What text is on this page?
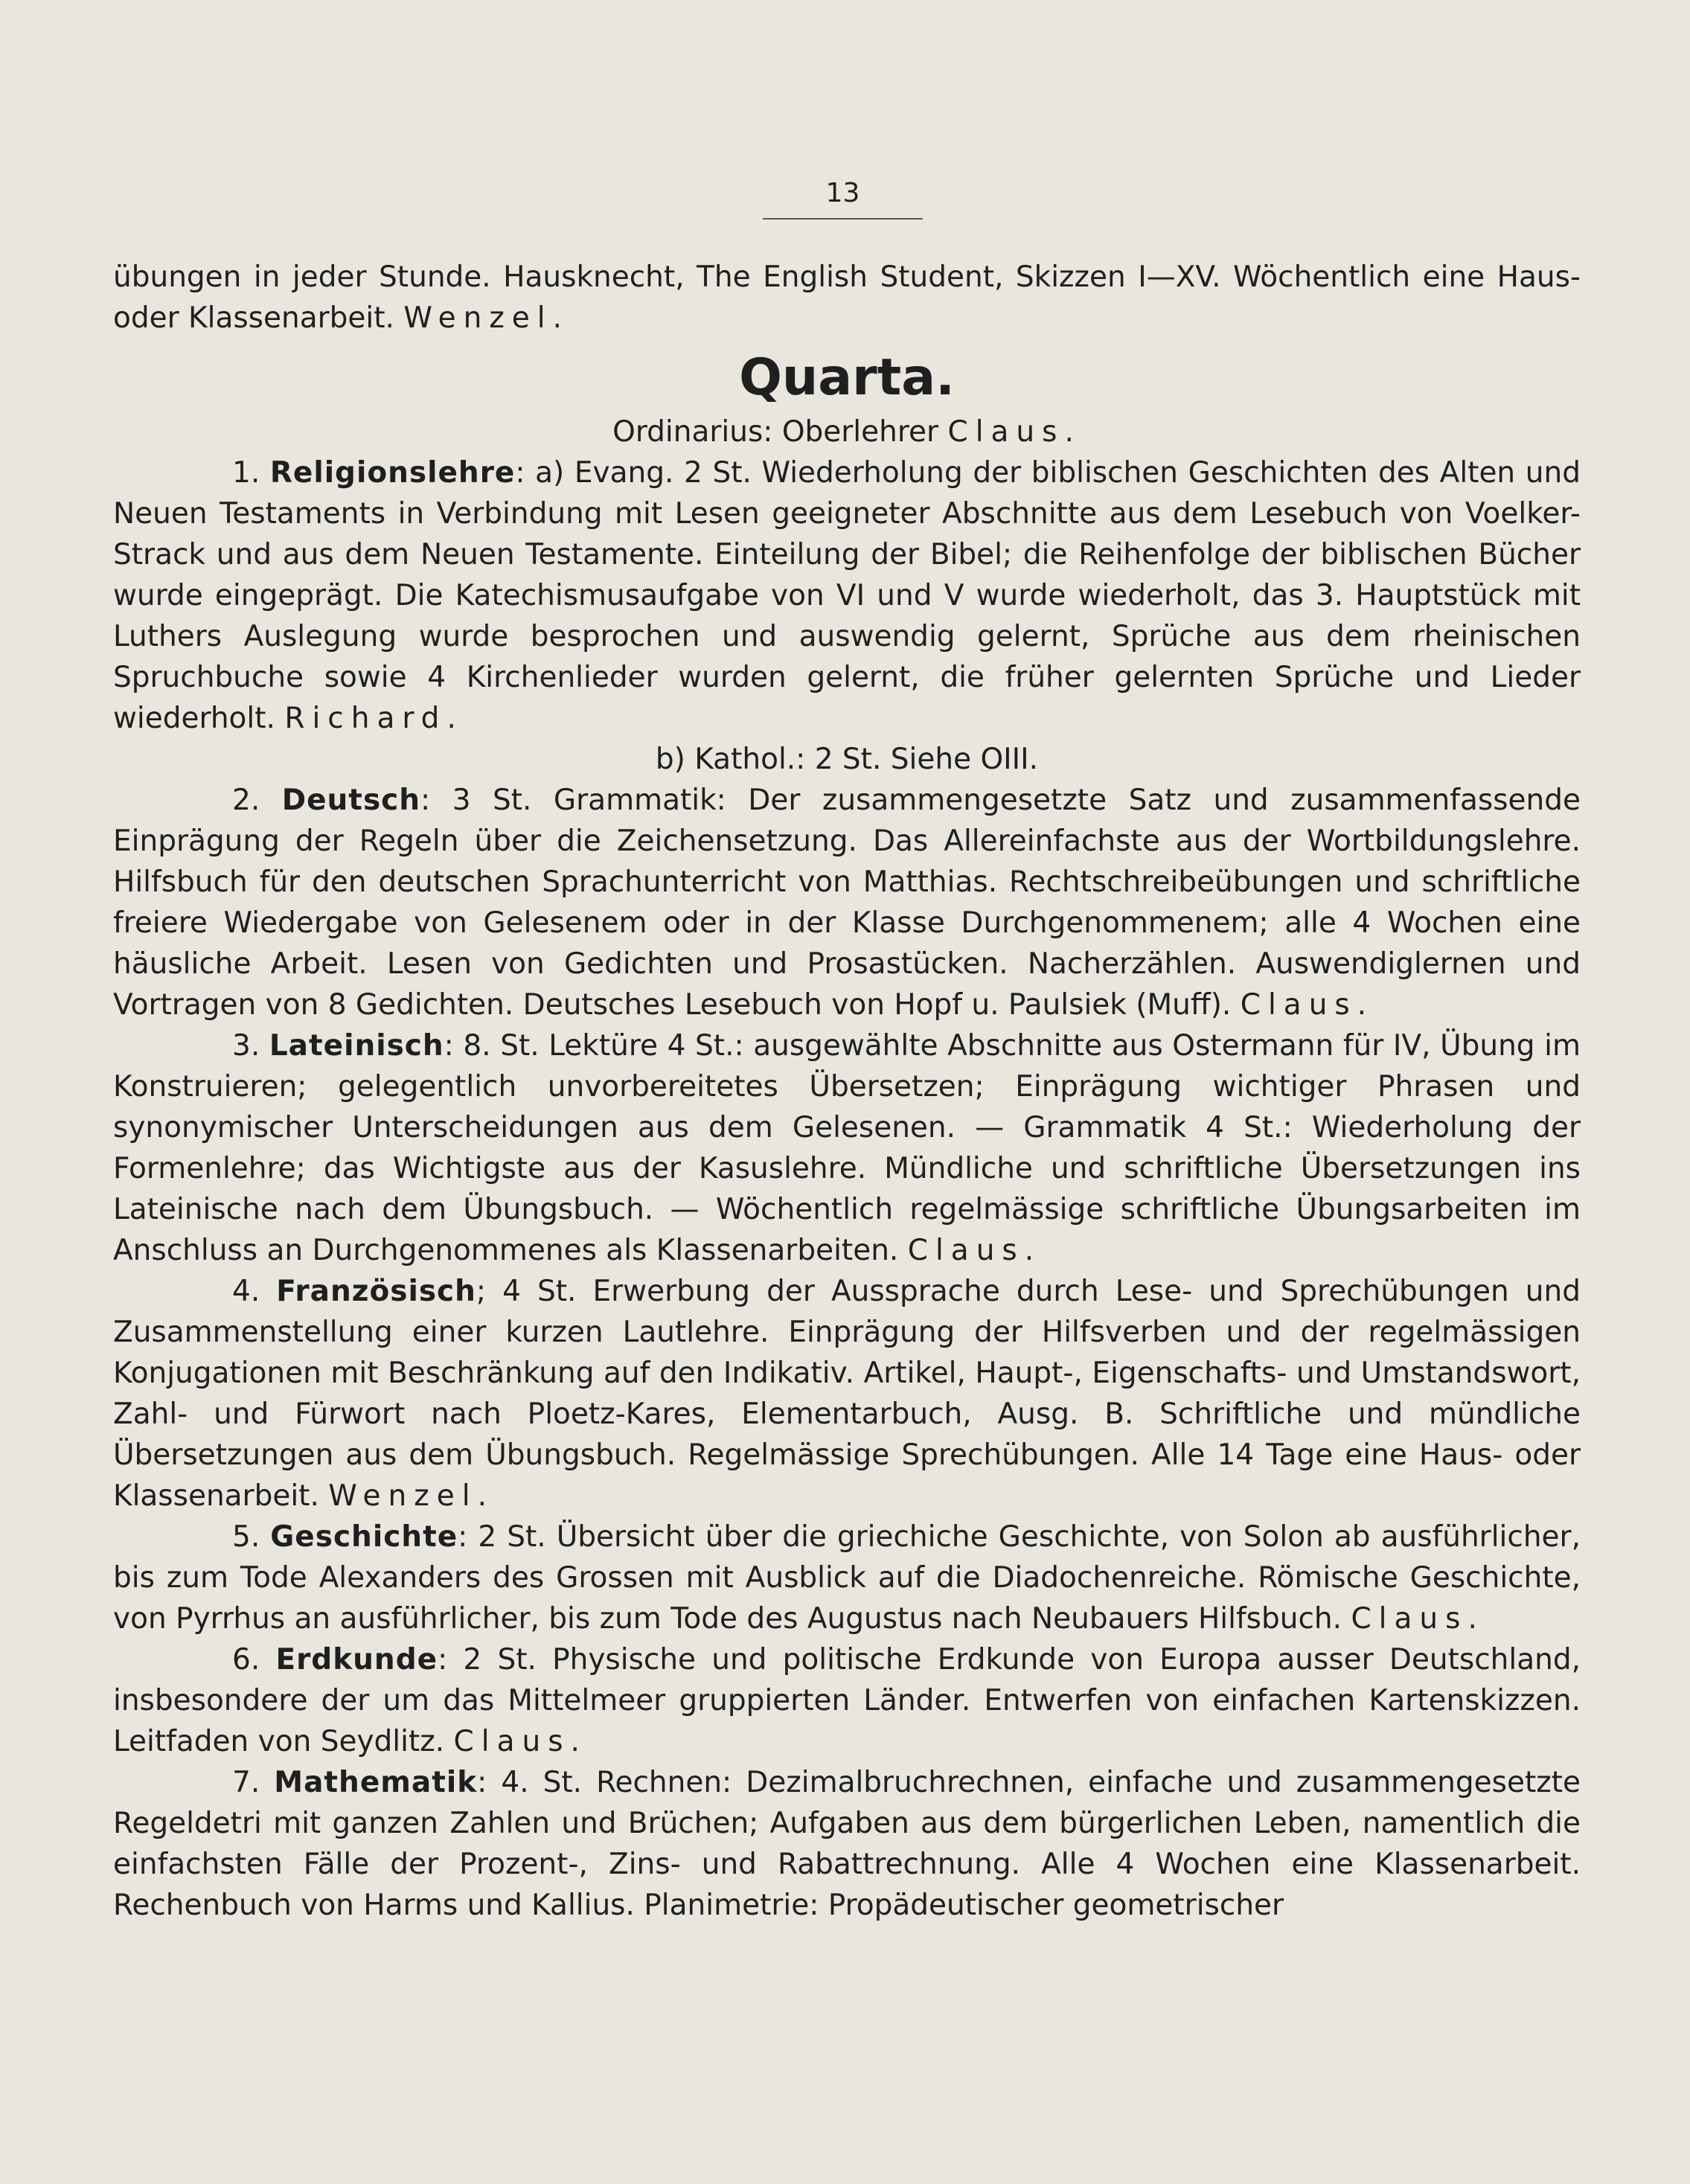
13

übungen in jeder Stunde. Hausknecht, The English Student, Skizzen I—XV. Wöchentlich eine Haus- oder Klassenarbeit. Wenzel.

Quarta.

Ordinarius: Oberlehrer Claus.

1. Religionslehre: a) Evang. 2 St. Wiederholung der biblischen Geschichten des Alten und Neuen Testaments in Verbindung mit Lesen geeigneter Abschnitte aus dem Lesebuch von Voelker-Strack und aus dem Neuen Testamente. Einteilung der Bibel; die Reihenfolge der biblischen Bücher wurde eingeprägt. Die Katechismusaufgabe von VI und V wurde wiederholt, das 3. Hauptstück mit Luthers Auslegung wurde besprochen und auswendig gelernt, Sprüche aus dem rheinischen Spruchbuche sowie 4 Kirchenlieder wurden gelernt, die früher gelernten Sprüche und Lieder wiederholt. Richard.

b) Kathol.: 2 St. Siehe OIII.

2. Deutsch: 3 St. Grammatik: Der zusammengesetzte Satz und zusammenfassende Einprägung der Regeln über die Zeichensetzung. Das Allereinfachste aus der Wortbildungslehre. Hilfsbuch für den deutschen Sprachunterricht von Matthias. Rechtschreibeübungen und schriftliche freiere Wiedergabe von Gelesenem oder in der Klasse Durchgenommenem; alle 4 Wochen eine häusliche Arbeit. Lesen von Gedichten und Prosastücken. Nacherzählen. Auswendiglernen und Vortragen von 8 Gedichten. Deutsches Lesebuch von Hopf u. Paulsiek (Muff). Claus.

3. Lateinisch: 8. St. Lektüre 4 St.: ausgewählte Abschnitte aus Ostermann für IV, Übung im Konstruieren; gelegentlich unvorbereitetes Übersetzen; Einprägung wichtiger Phrasen und synonymischer Unterscheidungen aus dem Gelesenen. — Grammatik 4 St.: Wiederholung der Formenlehre; das Wichtigste aus der Kasuslehre. Mündliche und schriftliche Übersetzungen ins Lateinische nach dem Übungsbuch. — Wöchentlich regelmässige schriftliche Übungsarbeiten im Anschluss an Durchgenommenes als Klassenarbeiten. Claus.

4. Französisch; 4 St. Erwerbung der Aussprache durch Lese- und Sprechübungen und Zusammenstellung einer kurzen Lautlehre. Einprägung der Hilfsverben und der regelmässigen Konjugationen mit Beschränkung auf den Indikativ. Artikel, Haupt-, Eigenschafts- und Umstandswort, Zahl- und Fürwort nach Ploetz-Kares, Elementarbuch, Ausg. B. Schriftliche und mündliche Übersetzungen aus dem Übungsbuch. Regelmässige Sprechübungen. Alle 14 Tage eine Haus- oder Klassenarbeit. Wenzel.

5. Geschichte: 2 St. Übersicht über die griechiche Geschichte, von Solon ab ausführlicher, bis zum Tode Alexanders des Grossen mit Ausblick auf die Diadochenreiche. Römische Geschichte, von Pyrrhus an ausführlicher, bis zum Tode des Augustus nach Neubauers Hilfsbuch. Claus.

6. Erdkunde: 2 St. Physische und politische Erdkunde von Europa ausser Deutschland, insbesondere der um das Mittelmeer gruppierten Länder. Entwerfen von einfachen Kartenskizzen. Leitfaden von Seydlitz. Claus.

7. Mathematik: 4. St. Rechnen: Dezimalbruchrechnen, einfache und zusammengesetzte Regeldetri mit ganzen Zahlen und Brüchen; Aufgaben aus dem bürgerlichen Leben, namentlich die einfachsten Fälle der Prozent-, Zins- und Rabattrechnung. Alle 4 Wochen eine Klassenarbeit. Rechenbuch von Harms und Kallius. Planimetrie: Propädeutischer geometrischer
